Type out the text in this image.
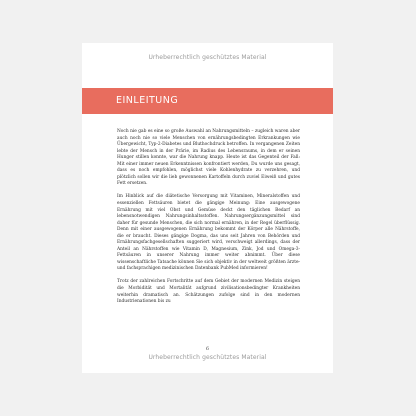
Urheberrechtlich geschütztes Material
EINLEITUNG

Noch nie gab es eine so große Auswahl an Nahrungsmitteln – zugleich waren aber auch noch nie so viele Menschen von ernährungsbedingten Erkrankungen wie Übergewicht, Typ-2-Diabetes und Bluthochdruck betroffen. In vergangenen Zeiten lebte der Mensch in der Prärie, im Radius des Lebensraums, in dem er seinen Hunger stillen konnte, war die Nahrung knapp. Heute ist das Gegenteil der Fall: Mit einer immer neuen Erkenntnissen konfrontiert werden, Du wurde uns gesagt, dass es noch empfohlen, möglichst viele Kohlenhydrate zu verzehren, und plötzlich sollen wir die lieb gewonnenen Kartoffeln durch zuviel Eiweiß und gutes Fett ersetzen.

Im Hinblick auf die diätetische Versorgung mit Vitaminen, Mineralstoffen und essenziellen Fettsäuren bietet die gängige Meinung: Eine ausgewogene Ernährung mit viel Obst und Gemüse deckt den täglichen Bedarf an lebensnotwendigen Nahrungsinhaltsstoffen. Nahrungsergänzungsmittel sind daher für gesunde Menschen, die sich normal ernähren, in der Regel überflüssig. Denn mit einer ausgewogenen Ernährung bekommt der Körper alle Nährstoffe, die er braucht. Dieses gängige Dogma, das uns seit Jahren von Behörden und Ernährungsfachgesellschaften suggeriert wird, verschweigt allerdings, dass der Anteil an Nährstoffen wie Vitamin D, Magnesium, Zink, Jod und Omega-3-Fettsäuren in unserer Nahrung immer weiter abnimmt. Über diese wissenschaftliche Tatsache können Sie sich objektiv in der weltweit größten ärzte- und fachsprachigen medizinischen Datenbank PubMed informieren!

Trotz der zahlreichen Fortschritte auf dem Gebiet der modernen Medizin steigen die Morbidität und Mortalität aufgrund zivilisationsbedingter Krankheiten weiterhin dramatisch an. Schätzungen zufolge sind in den modernen Industrienationen bis zu

6
Urheberrechtlich geschütztes Material
